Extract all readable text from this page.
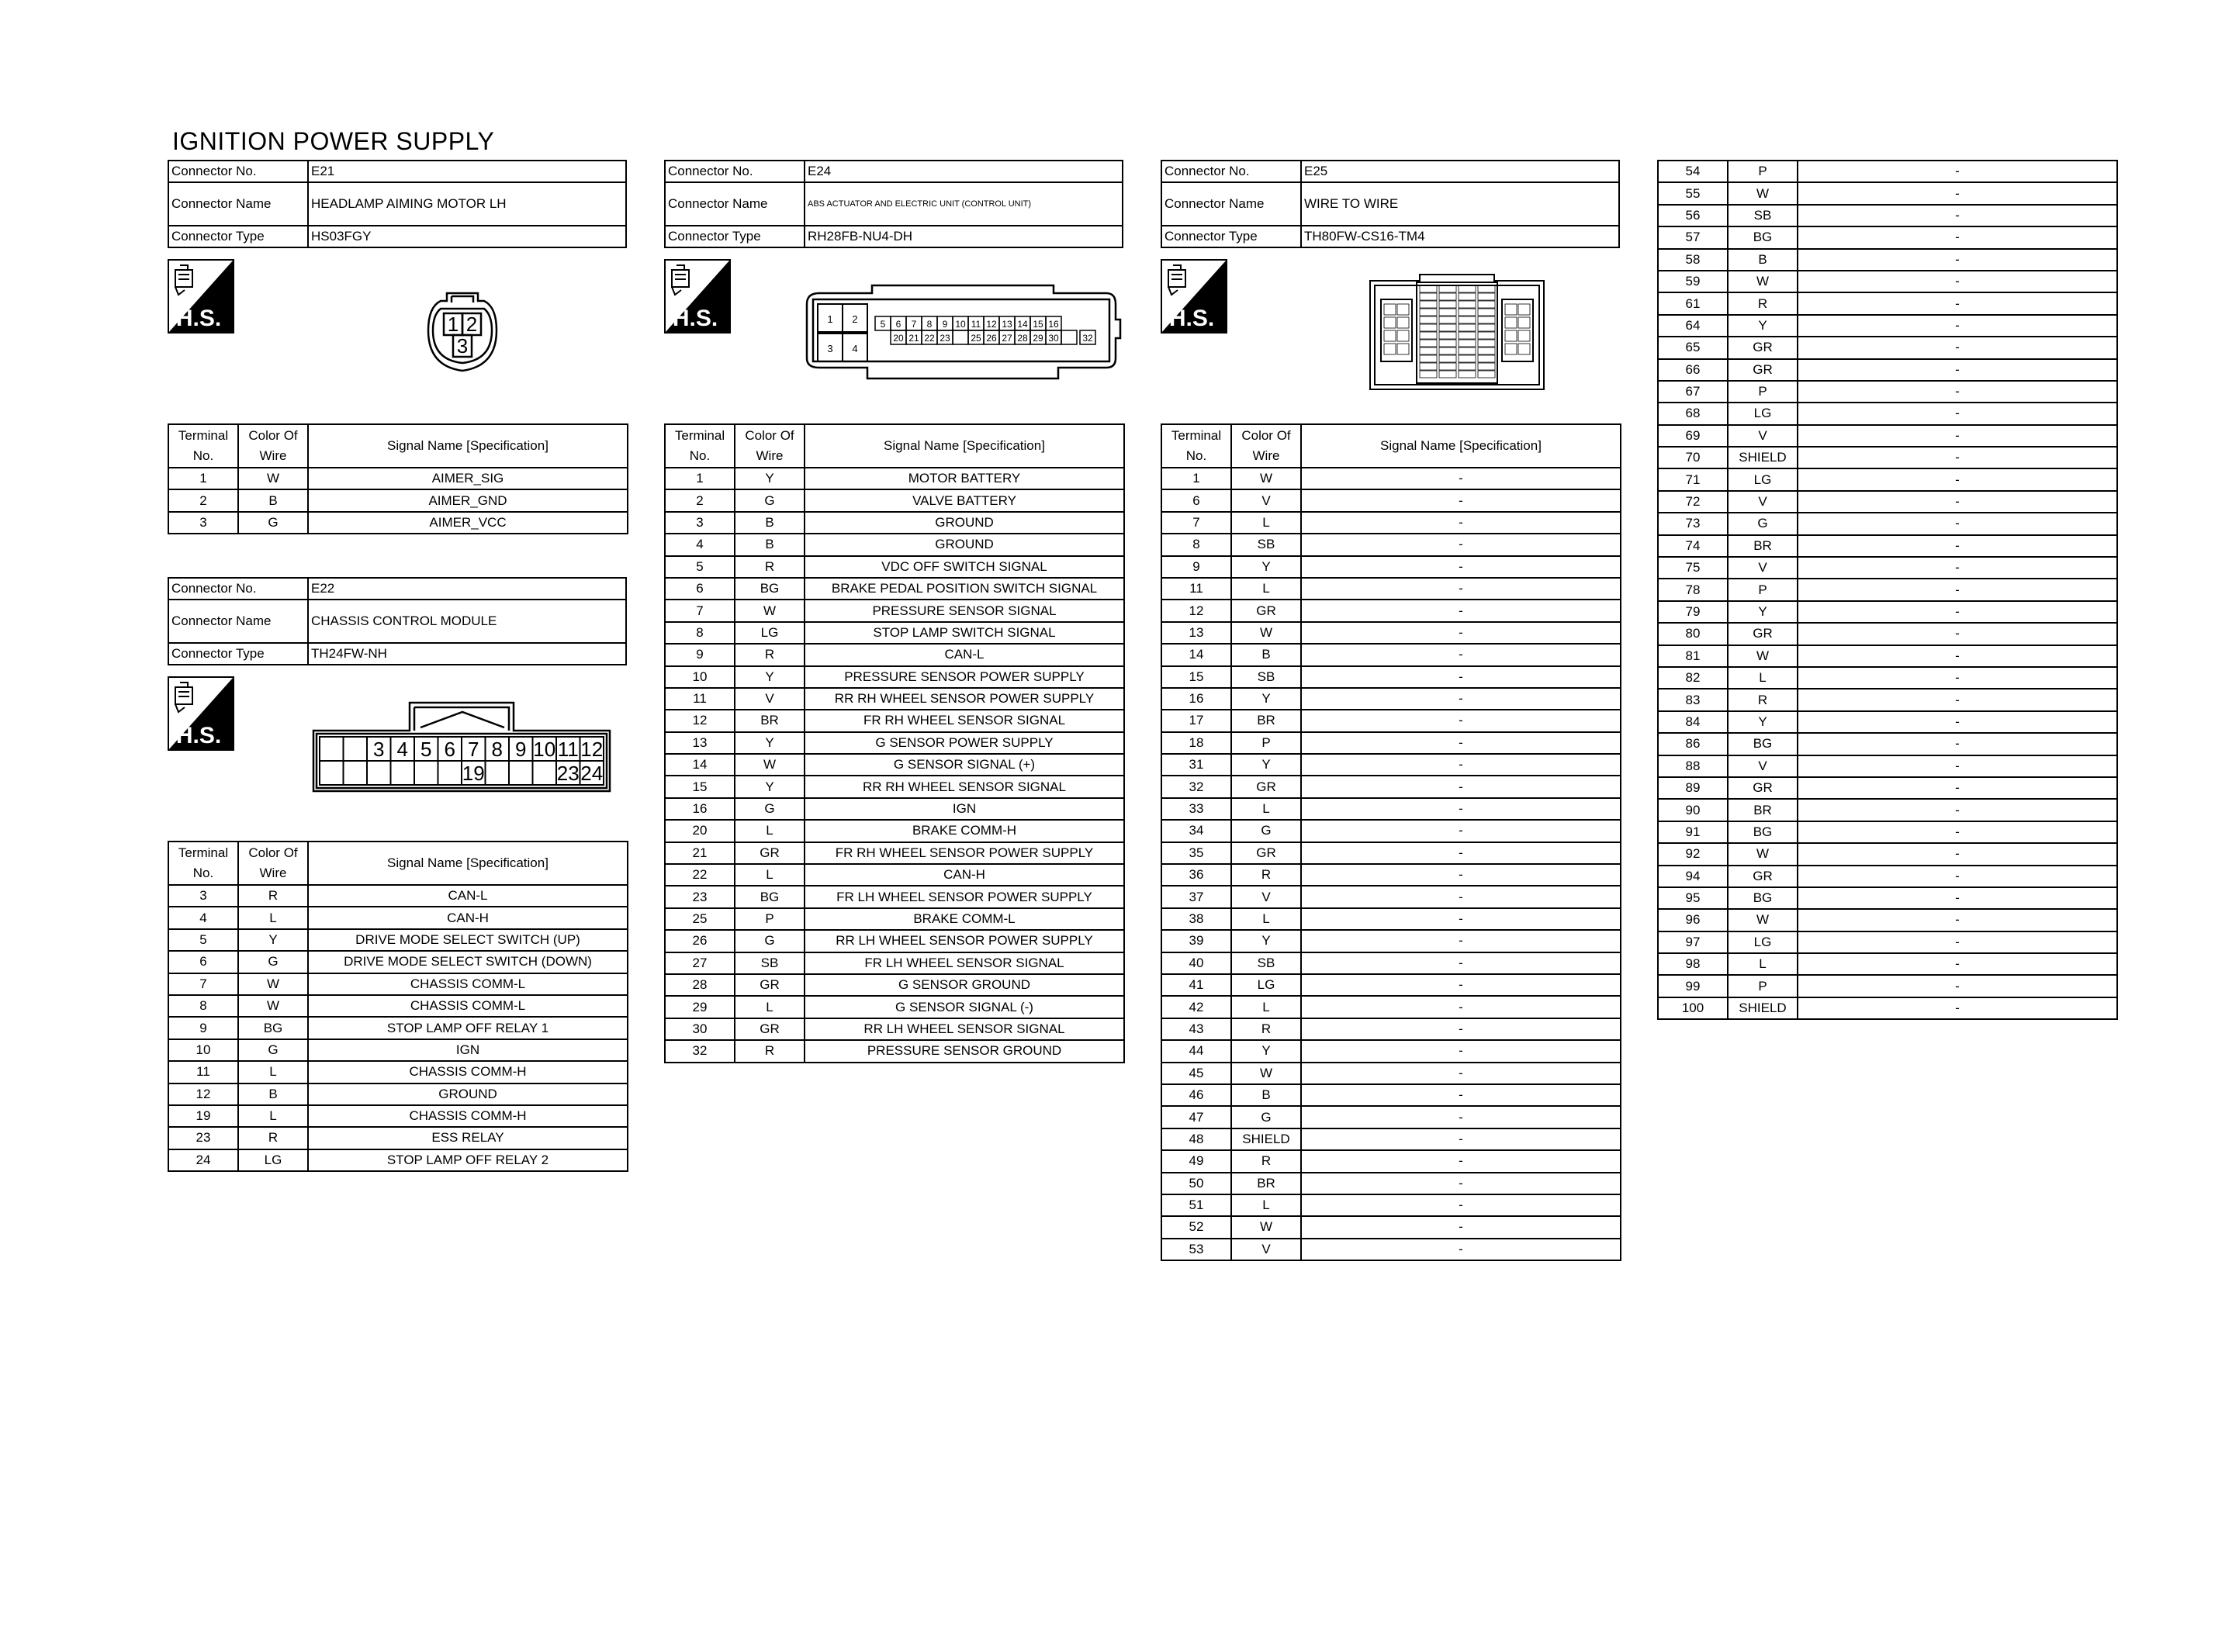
IGNITION POWER SUPPLY
Connector No.	E21
Connector Name	HEADLAMP AIMING MOTOR LH
Connector Type	HS03FGY
H.S.	1 2
3
Terminal
No.	Color Of
Wire	Signal Name [Specification]
1	W	AIMER_SIG
2	B	AIMER_GND
3	G	AIMER_VCC
Connector No.	E22
Connector Name	CHASSIS CONTROL MODULE
Connector Type	TH24FW-NH
H.S.
3 4 5 6 7
19
8 9 10 11
23
12
24
Terminal
No.	Color Of
Wire	Signal Name [Specification]
3	R	CAN-L
4	L	CAN-H
5	Y	DRIVE MODE SELECT SWITCH (UP)
6	G	DRIVE MODE SELECT SWITCH (DOWN)
7	W	CHASSIS COMM-L
8	W	CHASSIS COMM-L
9	BG	STOP LAMP OFF RELAY 1
10	G	IGN
11	L	CHASSIS COMM-H
12	B	GROUND
19	L	CHASSIS COMM-H
23	R	ESS RELAY
24	LG	STOP LAMP OFF RELAY 2
Connector No.	E24
Connector Name	ABS ACTUATOR AND ELECTRIC UNIT (CONTROL UNIT)
Connector Type	RH28FB-NU4-DH
H.S.	1 2
3 4
5 6 7 8 9 10 11 12 13 14 15 16
20 21 22 23 25 26 27 28 29 30	32
Terminal
No.	Color Of
Wire	Signal Name [Specification]
1	Y	MOTOR BATTERY
2	G	VALVE BATTERY
3	B	GROUND
4	B	GROUND
5	R	VDC OFF SWITCH SIGNAL
6	BG	BRAKE PEDAL POSITION SWITCH SIGNAL
7	W	PRESSURE SENSOR SIGNAL
8	LG	STOP LAMP SWITCH SIGNAL
9	R	CAN-L
10	Y	PRESSURE SENSOR POWER SUPPLY
11	V	RR RH WHEEL SENSOR POWER SUPPLY
12	BR	FR RH WHEEL SENSOR SIGNAL
13	Y	G SENSOR POWER SUPPLY
14	W	G SENSOR SIGNAL (+)
15	Y	RR RH WHEEL SENSOR SIGNAL
16	G	IGN
20	L	BRAKE COMM-H
21	GR	FR RH WHEEL SENSOR POWER SUPPLY
22	L	CAN-H
23	BG	FR LH WHEEL SENSOR POWER SUPPLY
25	P	BRAKE COMM-L
26	G	RR LH WHEEL SENSOR POWER SUPPLY
27	SB	FR LH WHEEL SENSOR SIGNAL
28	GR	G SENSOR GROUND
29	L	G SENSOR SIGNAL (-)
30	GR	RR LH WHEEL SENSOR SIGNAL
32	R	PRESSURE SENSOR GROUND
Connector No.	E25
Connector Name	WIRE TO WIRE
Connector Type	TH80FW-CS16-TM4
H.S.
Terminal
No.	Color Of
Wire	Signal Name [Specification]
1	W	-
6	V	-
7	L	-
8	SB	-
9	Y	-
11	L	-
12	GR	-
13	W	-
14	B	-
15	SB	-
16	Y	-
17	BR	-
18	P	-
31	Y	-
32	GR	-
33	L	-
34	G	-
35	GR	-
36	R	-
37	V	-
38	L	-
39	Y	-
40	SB	-
41	LG	-
42	L	-
43	R	-
44	Y	-
45	W	-
46	B	-
47	G	-
48	SHIELD	-
49	R	-
50	BR	-
51	L	-
52	W	-
53	V	-
54	P	-
55	W	-
56	SB	-
57	BG	-
58	B	-
59	W	-
61	R	-
64	Y	-
65	GR	-
66	GR	-
67	P	-
68	LG	-
69	V	-
70	SHIELD	-
71	LG	-
72	V	-
73	G	-
74	BR	-
75	V	-
78	P	-
79	Y	-
80	GR	-
81	W	-
82	L	-
83	R	-
84	Y	-
86	BG	-
88	V	-
89	GR	-
90	BR	-
91	BG	-
92	W	-
94	GR	-
95	BG	-
96	W	-
97	LG	-
98	L	-
99	P	-
100	SHIELD	-
